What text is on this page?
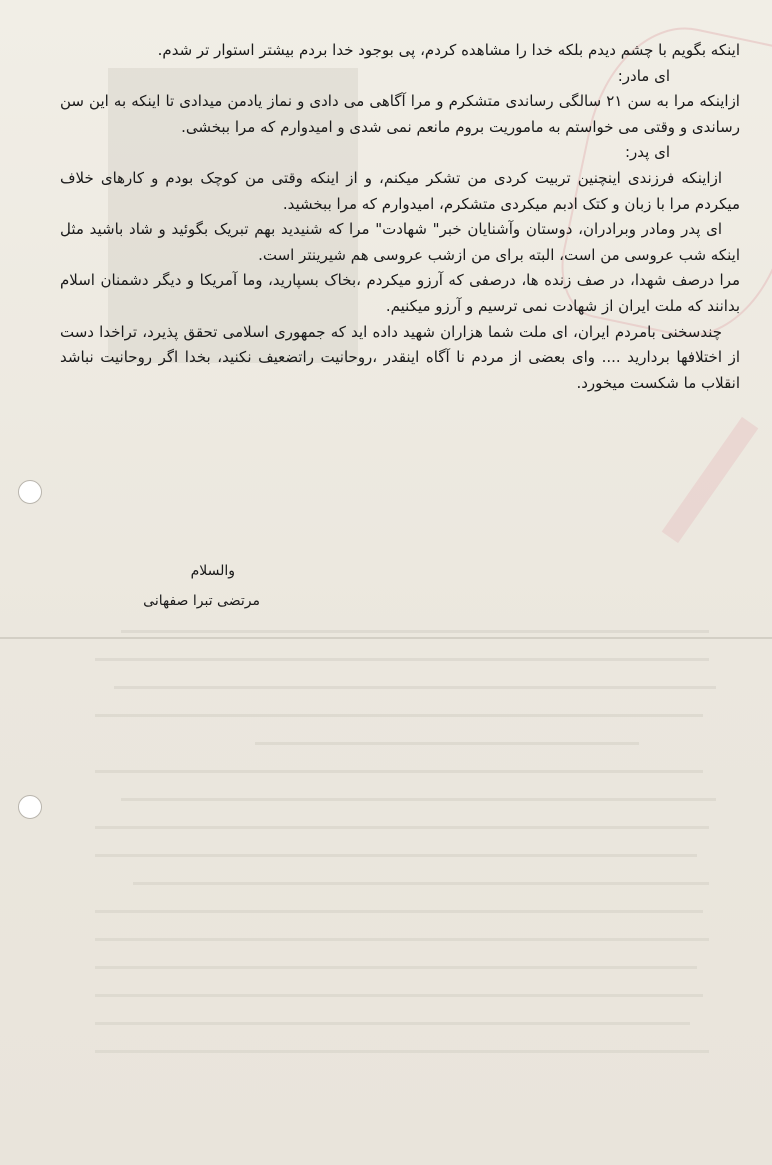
اینکه بگویم با چشم دیدم بلکه خدا را مشاهده کردم، پی بوجود خدا بردم بیشتر استوار تر شدم.

ای مادر:

ازاینکه مرا به سن ۲۱ سالگی رساندی متشکرم و مرا آگاهی می دادی و نماز یادمن میدادی تا اینکه به این سن رساندی و وقتی می خواستم به ماموریت بروم مانعم نمی شدی و امیدوارم که مرا ببخشی.

ای پدر:

ازاینکه فرزندی اینچنین تربیت کردی من تشکر میکنم، و از اینکه وقتی من کوچک بودم و کارهای خلاف میکردم مرا با زبان و کتک ادبم میکردی متشکرم، امیدوارم که مرا ببخشید.

ای پدر ومادر وبرادران، دوستان وآشنایان خبر" شهادت" مرا که شنیدید بهم تبریک بگوئید و شاد باشید مثل اینکه شب عروسی من است، البته برای من ازشب عروسی هم شیرینتر است.

مرا درصف شهدا، در صف زنده ها، درصفی که آرزو میکردم ،بخاک بسپارید، وما آمریکا و دیگر دشمنان اسلام بدانند که ملت ایران از شهادت نمی ترسیم و آرزو میکنیم.

چندسخنی بامردم ایران، ای ملت شما هزاران شهید داده اید که جمهوری اسلامی تحقق پذیرد، تراخدا دست از اختلافها بردارید .... وای بعضی از مردم نا آگاه اینقدر ،روحانیت راتضعیف نکنید، بخدا اگر روحانیت نباشد انقلاب ما شکست میخورد.

والسلام
مرتضی تبرا صفهانی
